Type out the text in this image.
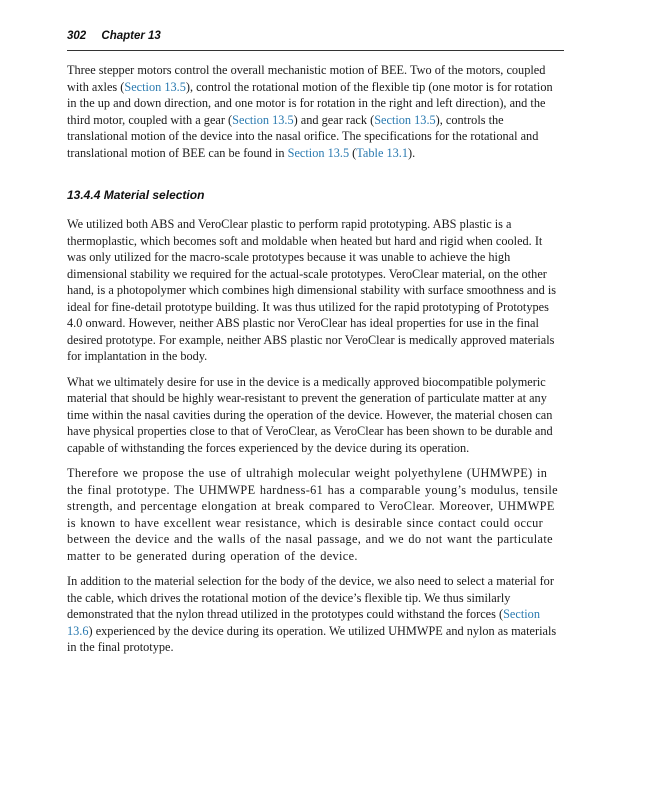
302 Chapter 13

Three stepper motors control the overall mechanistic motion of BEE. Two of the motors, coupled with axles (Section 13.5), control the rotational motion of the flexible tip (one motor is for rotation in the up and down direction, and one motor is for rotation in the right and left direction), and the third motor, coupled with a gear (Section 13.5) and gear rack (Section 13.5), controls the translational motion of the device into the nasal orifice. The specifications for the rotational and translational motion of BEE can be found in Section 13.5 (Table 13.1).

13.4.4 Material selection

We utilized both ABS and VeroClear plastic to perform rapid prototyping. ABS plastic is a thermoplastic, which becomes soft and moldable when heated but hard and rigid when cooled. It was only utilized for the macro-scale prototypes because it was unable to achieve the high dimensional stability we required for the actual-scale prototypes. VeroClear material, on the other hand, is a photopolymer which combines high dimensional stability with surface smoothness and is ideal for fine-detail prototype building. It was thus utilized for the rapid prototyping of Prototypes 4.0 onward. However, neither ABS plastic nor VeroClear has ideal properties for use in the final desired prototype. For example, neither ABS plastic nor VeroClear is medically approved materials for implantation in the body.

What we ultimately desire for use in the device is a medically approved biocompatible polymeric material that should be highly wear-resistant to prevent the generation of particulate matter at any time within the nasal cavities during the operation of the device. However, the material chosen can have physical properties close to that of VeroClear, as VeroClear has been shown to be durable and capable of withstanding the forces experienced by the device during its operation.

Therefore we propose the use of ultrahigh molecular weight polyethylene (UHMWPE) in the final prototype. The UHMWPE hardness-61 has a comparable young’s modulus, tensile strength, and percentage elongation at break compared to VeroClear. Moreover, UHMWPE is known to have excellent wear resistance, which is desirable since contact could occur between the device and the walls of the nasal passage, and we do not want the particulate matter to be generated during operation of the device.

In addition to the material selection for the body of the device, we also need to select a material for the cable, which drives the rotational motion of the device’s flexible tip. We thus similarly demonstrated that the nylon thread utilized in the prototypes could withstand the forces (Section 13.6) experienced by the device during its operation. We utilized UHMWPE and nylon as materials in the final prototype.
